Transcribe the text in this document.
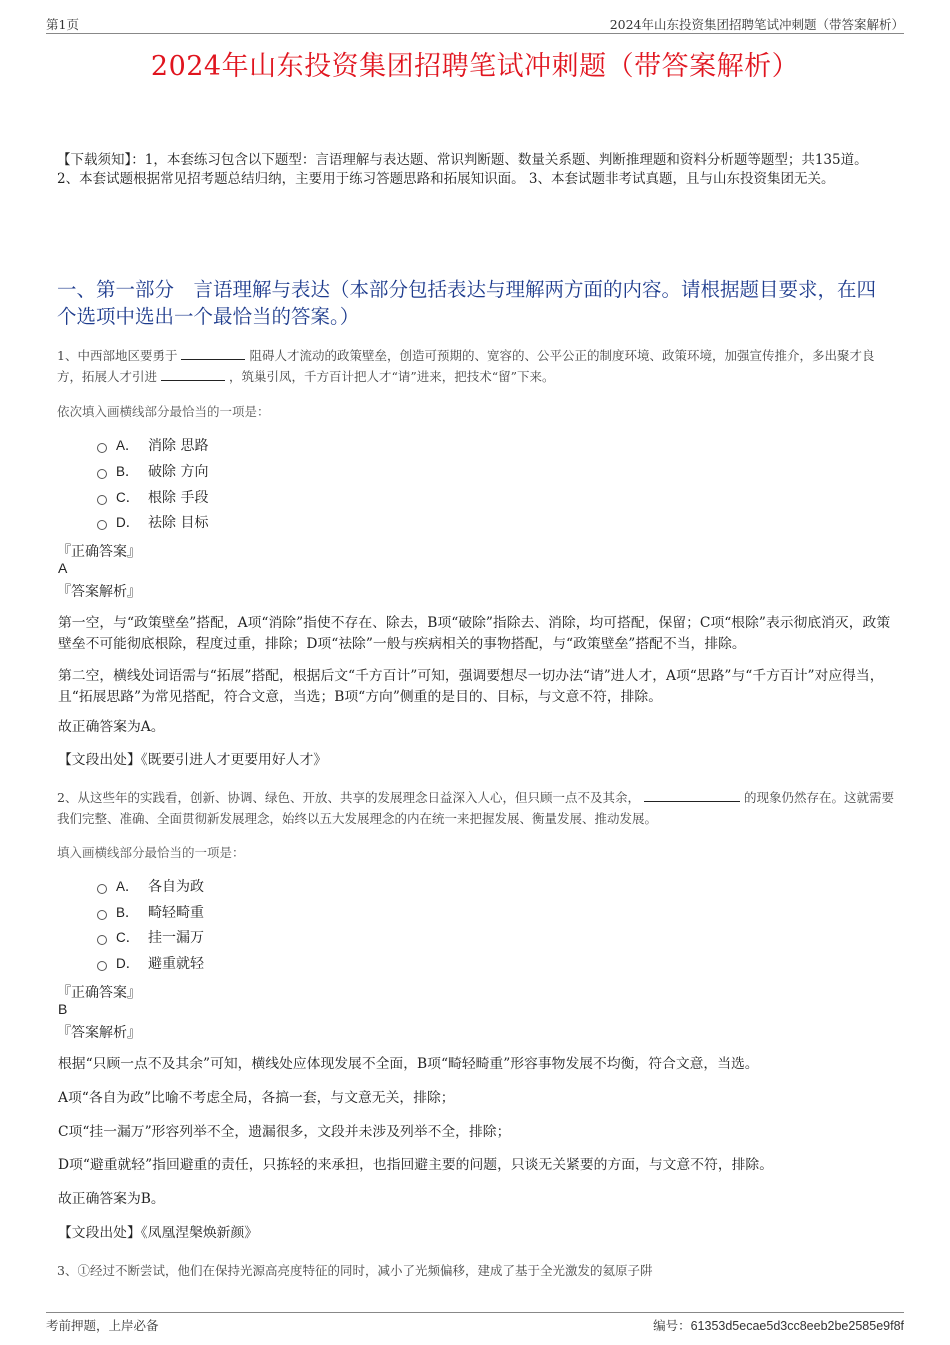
第1页	2024年山东投资集团招聘笔试冲刺题（带答案解析）
2024年山东投资集团招聘笔试冲刺题（带答案解析）
【下载须知】：1，本套练习包含以下题型：言语理解与表达题、常识判断题、数量关系题、判断推理题和资料分析题等题型；共135道。 2、本套试题根据常见招考题总结归纳，主要用于练习答题思路和拓展知识面。 3、本套试题非考试真题，且与山东投资集团无关。
一、第一部分　言语理解与表达（本部分包括表达与理解两方面的内容。请根据题目要求，在四个选项中选出一个最恰当的答案。）
1、中西部地区要勇于	阻碍人才流动的政策壁垒，创造可预期的、宽容的、公平公正的制度环境、政策环境，加强宣传推介，多出聚才良方，拓展人才引进	，筑巢引凤，千方百计把人才“请”进来，把技术“留”下来。
依次填入画横线部分最恰当的一项是：
A． 消除 思路
B． 破除 方向
C． 根除 手段
D． 祛除 目标
『正确答案』
A
『答案解析』
第一空，与“政策壁垒”搭配，A项“消除”指使不存在、除去，B项“破除”指除去、消除，均可搭配，保留；C项“根除”表示彻底消灭，政策壁垒不可能彻底根除，程度过重，排除；D项“祛除”一般与疾病相关的事物搭配，与“政策壁垒”搭配不当，排除。
第二空，横线处词语需与“拓展”搭配，根据后文“千方百计”可知，强调要想尽一切办法“请”进人才，A项“思路”与“千方百计”对应得当，且“拓展思路”为常见搭配，符合文意，当选；B项“方向”侧重的是目的、目标，与文意不符，排除。
故正确答案为A。
【文段出处】《既要引进人才更要用好人才》
2、从这些年的实践看，创新、协调、绿色、开放、共享的发展理念日益深入人心，但只顾一点不及其余，	的现象仍然存在。这就需要我们完整、准确、全面贯彻新发展理念，始终以五大发展理念的内在统一来把握发展、衡量发展、推动发展。
填入画横线部分最恰当的一项是：
A． 各自为政
B． 畸轻畸重
C． 挂一漏万
D． 避重就轻
『正确答案』
B
『答案解析』
根据“只顾一点不及其余”可知，横线处应体现发展不全面，B项“畸轻畸重”形容事物发展不均衡，符合文意，当选。
A项“各自为政”比喻不考虑全局，各搞一套，与文意无关，排除；
C项“挂一漏万”形容列举不全，遗漏很多，文段并未涉及列举不全，排除；
D项“避重就轻”指回避重的责任，只拣轻的来承担，也指回避主要的问题，只谈无关紧要的方面，与文意不符，排除。
故正确答案为B。
【文段出处】《凤凰涅槃焕新颜》
3、①经过不断尝试，他们在保持光源高亮度特征的同时，减小了光频偏移，建成了基于全光激发的氦原子阱
考前押题，上岸必备	编号：61353d5ecae5d3cc8eeb2be2585e9f8f
